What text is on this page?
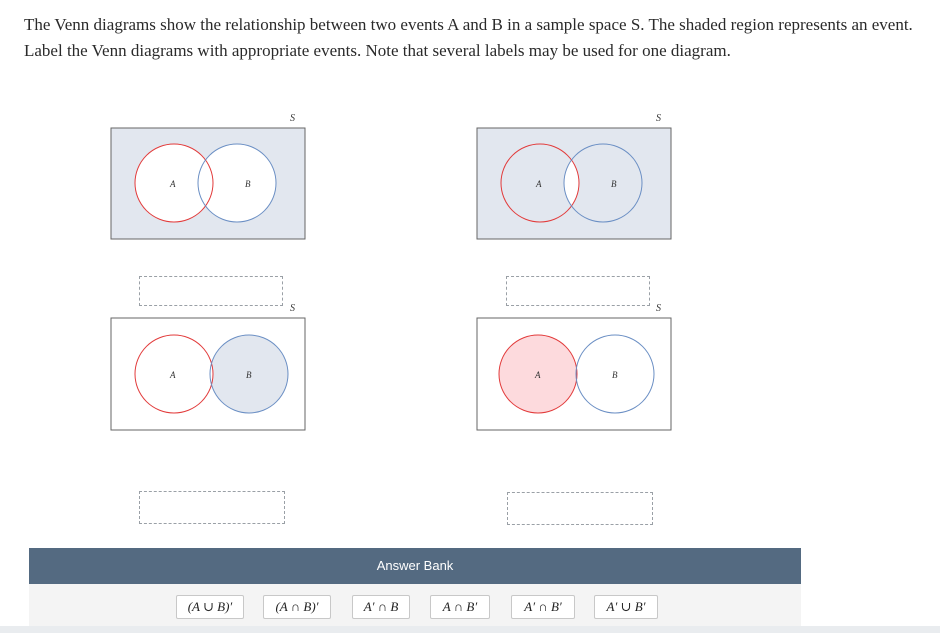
The Venn diagrams show the relationship between two events A and B in a sample space S. The shaded region represents an event. Label the Venn diagrams with appropriate events. Note that several labels may be used for one diagram.

S
A	B
S
A	B
S
A	B
S
A	B
Answer Bank
(A ∪ B)′	(A ∩ B)′	A′ ∩ B	A ∩ B′	A′ ∩ B′	A′ ∪ B′
